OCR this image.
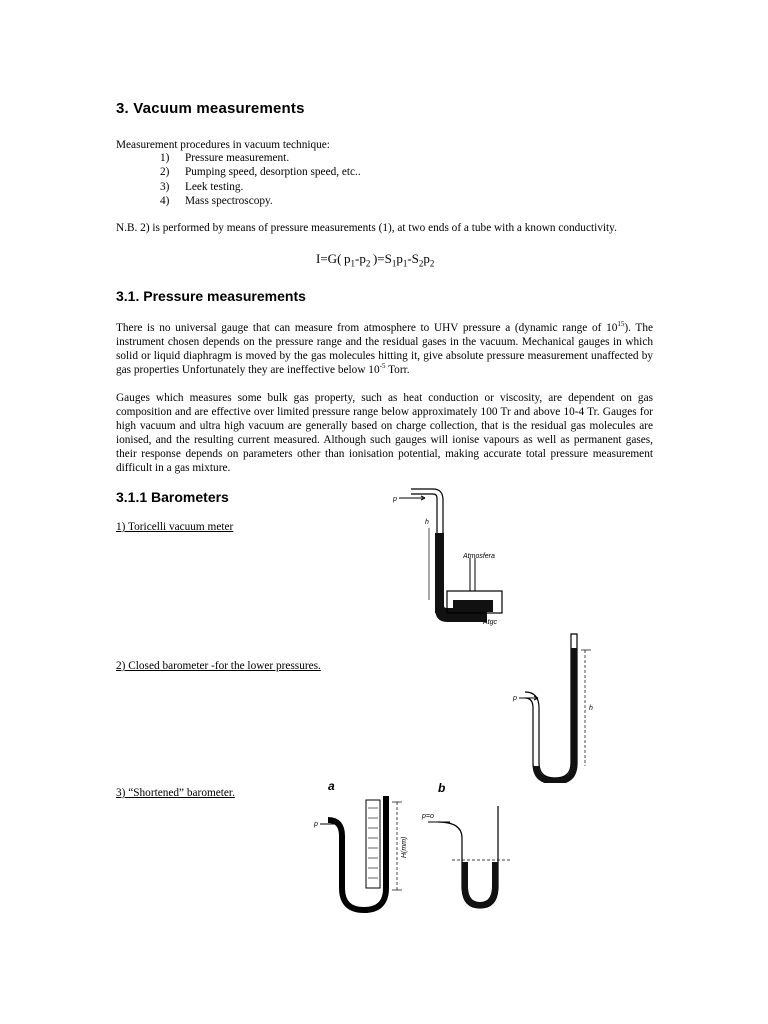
3. Vacuum measurements
Measurement procedures in vacuum technique:
1)	Pressure measurement.
2)	Pumping speed, desorption speed, etc..
3)	Leek testing.
4)	Mass spectroscopy.
N.B. 2) is performed by means of pressure measurements (1), at two ends of a tube with a known conductivity.
I=G( $p_1-p_2$ )$=S_1p_1-S_2p_2$
3.1. Pressure measurements
There is no universal gauge that can measure from atmosphere to UHV pressure a (dynamic range of $10^{15}$). The instrument chosen depends on the pressure range and the residual gases in the vacuum. Mechanical gauges in which solid or liquid diaphragm is moved by the gas molecules hitting it, give absolute pressure measurement unaffected by gas properties Unfortunately they are ineffective below $10^{-5}$ Torr.
Gauges which measures some bulk gas property, such as heat conduction or viscosity, are dependent on gas composition and are effective over limited pressure range below approximately 100 Tr and above 10-4 Tr. Gauges for high vacuum and ultra high vacuum are generally based on charge collection, that is the residual gas molecules are ionised, and the resulting current measured. Although such gauges will ionise vapours as well as permanent gases, their response depends on parameters other than ionisation potential, making accurate total pressure measurement difficult in a gas mixture.
3.1.1 Barometers
1) Toricelli vacuum meter
2) Closed barometer -for the lower pressures.
3) “Shortened” barometer.
p
Atmosfera
Atgc
h
p
h
a	b
p
H(mm)
p=o
